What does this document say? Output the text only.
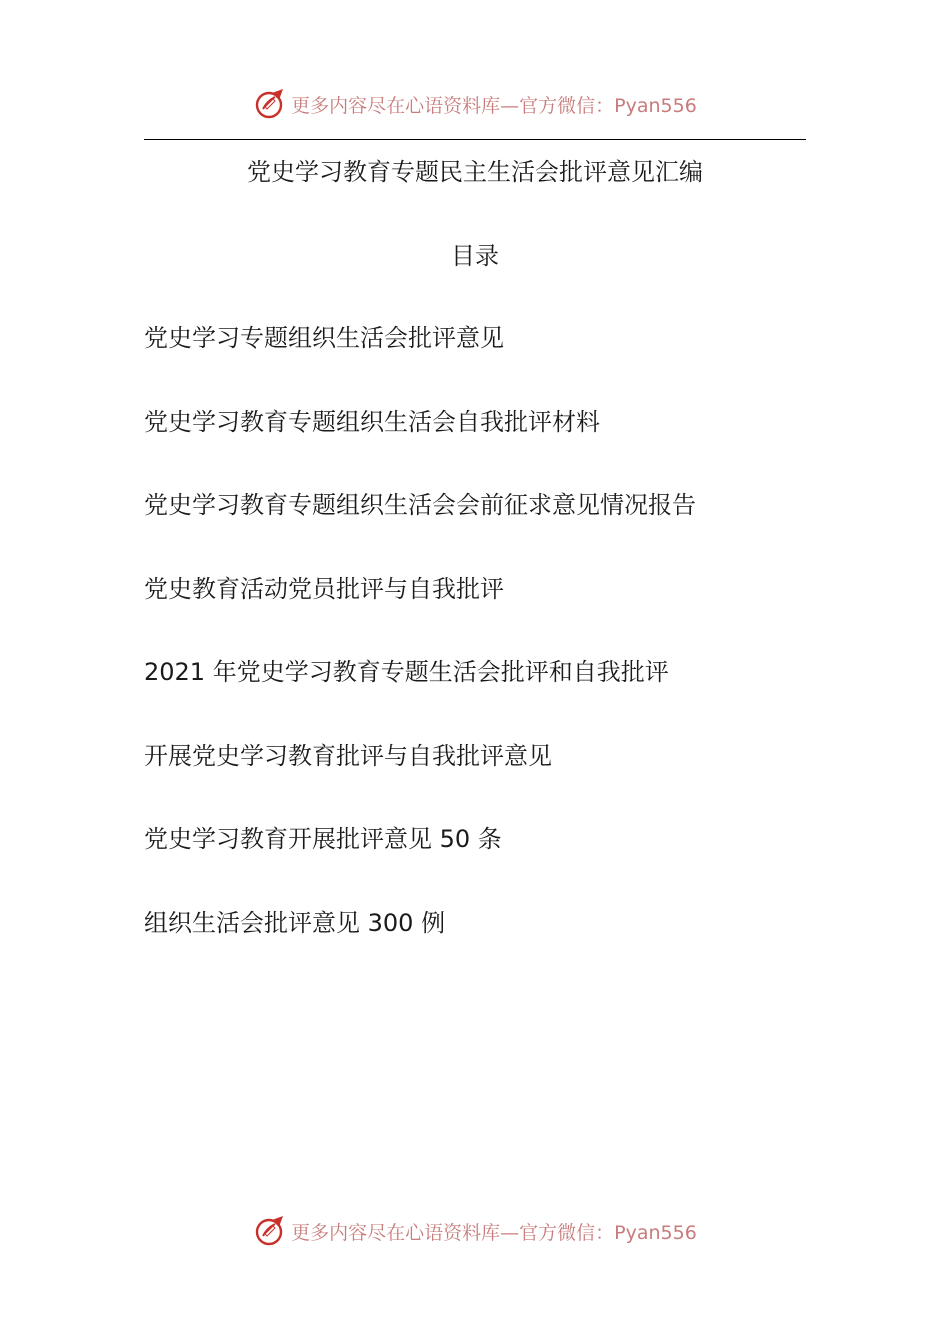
更多内容尽在心语资料库—官方微信：Pyan556
党史学习教育专题民主生活会批评意见汇编
目录
党史学习专题组织生活会批评意见
党史学习教育专题组织生活会自我批评材料
党史学习教育专题组织生活会会前征求意见情况报告
党史教育活动党员批评与自我批评
2021 年党史学习教育专题生活会批评和自我批评
开展党史学习教育批评与自我批评意见
党史学习教育开展批评意见 50 条
组织生活会批评意见 300 例
更多内容尽在心语资料库—官方微信：Pyan556
